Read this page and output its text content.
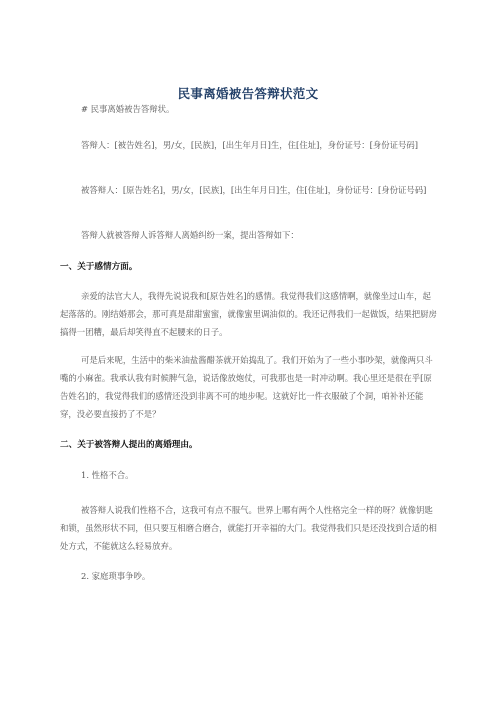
民事离婚被告答辩状范文

# 民事离婚被告答辩状。

答辩人：[被告姓名]，男/女，[民族]，[出生年月日]生，住[住址]，身份证号：[身份证号码]

被答辩人：[原告姓名]，男/女，[民族]，[出生年月日]生，住[住址]，身份证号：[身份证号码]

答辩人就被答辩人诉答辩人离婚纠纷一案，提出答辩如下：

一、关于感情方面。

亲爱的法官大人，我得先说说我和[原告姓名]的感情。我觉得我们这感情啊，就像坐过山车，起起落落的。刚结婚那会，那可真是甜甜蜜蜜，就像蜜里调油似的。我还记得我们一起做饭，结果把厨房搞得一团糟，最后却笑得直不起腰来的日子。

可是后来呢，生活中的柴米油盐酱醋茶就开始捣乱了。我们开始为了一些小事吵架，就像两只斗嘴的小麻雀。我承认我有时候脾气急，说话像放炮仗，可我那也是一时冲动啊。我心里还是很在乎[原告姓名]的，我觉得我们的感情还没到非离不可的地步呢。这就好比一件衣服破了个洞，咱补补还能穿，没必要直接扔了不是？

二、关于被答辩人提出的离婚理由。

1. 性格不合。

被答辩人说我们性格不合，这我可有点不服气。世界上哪有两个人性格完全一样的呀？就像钥匙和锁，虽然形状不同，但只要互相磨合磨合，就能打开幸福的大门。我觉得我们只是还没找到合适的相处方式，不能就这么轻易放弃。

2. 家庭琐事争吵。
